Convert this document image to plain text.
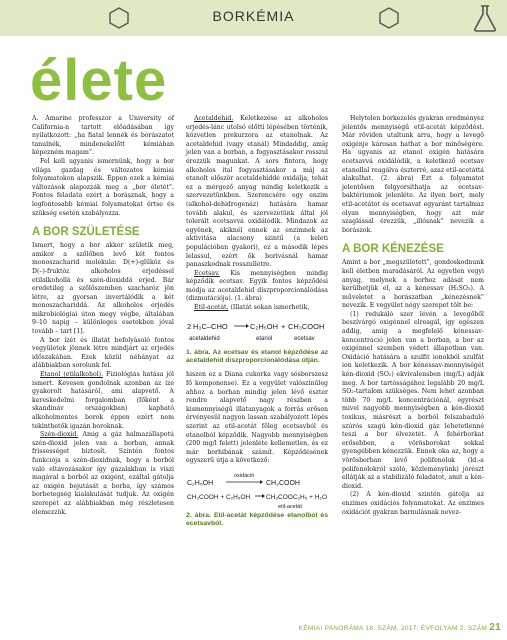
BORKÉMIA
élete

A. Amarine professzor a University of California-n tartott előadásában így nyilatkozott: „ha fiatal lennék és borászatot tanulnék, mindenekelőtt kémiában képezném magam”.

Fel kell ugyanis ismernünk, hogy a bor világa gazdag és változatos kémiai folyamatokon alapszik. Éppen ezek a kémiai változások alapozzák meg a „bor életét”. Fontos feladata ezért a borásznak, hogy a legfontosabb kémiai folyamatokat értse és szükség esetén szabályozza.

A BOR SZÜLETÉSE

Ismert, hogy a bor akkor születik meg, amikor a szőlőben levő két fontos monoszacharid molekula: D(+)-glükóz és D(–)-fruktóz alkoholos erjedéssel etilalkohollá és szén-dioxiddá erjed. Bár eredetileg a szőlőszemben szacharóz jön létre, az gyorsan invertálódik a két monoszachariddá. Az alkoholos erjedés mikrobiológiai úton megy végbe, általában 9–10 napig – különleges esetekben jóval tovább – tart [1].

A bor ízét és illatát befolyásoló fontos vegyületek jönnek létre mindjárt az erjedés időszakában. Ezek közül néhányat az alábbiakban sorolunk fel.

Etanol (etilalkohol). Fiziológiás hatása jól ismert. Kevesen gondolnak azonban az íze gyakorolt hatásáról, ami alapvető. A kereskedelmi forgalomban (főként a skandináv országokban) kapható alkoholmentes borok éppen ezért nem tekinthetők igazán boroknak.

Szén-dioxid. Amig a gáz halmazállapotú szén-dioxid jelen van a borban, annak frissességet biztosít. Szintén fontos funkciója a szén-dioxidnak, hogy a borból való eltávozásakor így gázalakban is viszi magával a borból az oxigént, ezáltal gátolja az oxigén bejutását a borba, így számos borbetegség kialakulását tudjuk. Az oxigén szerepét az alábbiakban még részletesen elemezzük.

Acetaldehid. Keletkezése az alkoholos erjedés-lánc utolsó előtti lépésében történik, közvetlen prekurzora az etanolnak. Az acetaldehid (vagy etanál) Mindaddig, amíg jelen van a borban, a fogyasztásakor rosszul érezzük magunkat. A sors fintora, hogy alkoholos ital fogyasztásakor a máj az etanolt először acetaldehiddé oxidálja, tehát ez a mérgező anyag mindig keletkezik a szervezetünkben. Szerencsére egy enzim (alkohol-dehidrogenáz) hatására hamar tovább alakul, és szervezetünk által jól tolerált ecetsavvá oxidálódik. Mindazok az egyének, akiknél ennek az enzimnek az aktivitása alacsony szintű (a keleti populációban gyakori), ez a második lépés lelassul, ezért ők borivásnál hamar panaszkodnak rosszullétre.

Ecetsav. Kis mennyiségben mindig képződik ecetsav. Egyik fontos képződési módja az acetaldehid diszproporcionálódása (dizmutációja). (1. ábra)

Etil-acetát. (Illatát sokan ismerhetik,

2 H₃C–CHO	C₂H₅OH + CH₃COOH
acetaldehid	etanol	ecetsav
1. ábra. Az ecetsav és etanol képződése az acetaldehid diszproporcionálódása útján.

hiszen ez a Diana cukorka vagy sósborszesz fő komponense). Ez a vegyület valószínűleg ahhoz a borban mindig jelen lévő észter rendre alapvető nagy részben a kismennyiségű illatanyagok a forrás erősen érvényesül nagyon lassan szabályozott lépés szerint az etil-acetát főleg ecetsavból és etanolból képződik. Nagyobb mennyiségben (200 mg/l felett) jelenléte kellemetlen, és ez már borhibának számít. Képződésének egyszerű útja a következő:

oxidáció
C₂H₅OH	CH₃COOH
CH₃COOH + C₂H₅OH CH₃COOC₂H₅ + H₂O
etil-acetát
2. ábra. Etil-acetát képződése etanolból és ecetsavból.

Helytelen borkezelés gyakran eredményez jelentős mennyiségű etil-acetát képződést. Már röviden utaltunk arra, hogy a levegő oxigénje károsan hathat a bor minőségére. Ha ugyanis az etanol oxigén hatására ecetsavvá oxidálódik, a keletkező ecetsav etanollal reagálva észterré, azaz etil-acetáttá alakulhat. (2. ábra) Ezt a folyamatot jelentősen felgyorsíthatja az ecetsav-baktériumok jelenléte. Az ilyen bort, mely etil-acetátot és ecetsavat egyaránt tartalmaz olyan mennyiségben, hogy azt már szaglással érezzük, „illósnak” nevezik a borászok.

A BOR KÉNEZÉSE

Amint a bor „megszületett”, gondoskodnunk kell életben maradásáról. Az egyetlen vegyi anyag, melynek a borhoz adását nem kerülhetjük el, az a kénessav (H₂SO₃). A műveletet a borászatban „kénezésnek” nevezik. E vegyület négy szerepet tölt be:

(1) redukáló szer lévén a levegőből beszívárgó oxigénnel elreagál, így egészen addig, amíg a megfelelő kénessav-koncentráció jelen van a borban, a bor az oxigénnel szemben védett állapotban van. Oxidáció hatására a szulfit ionokból szulfát ion keletkezik. A bor kénessav-mennyiségét kén-dioxid (SO₂) ekvivalensben (mg/L) adják meg. A bor tartósságához legalább 20 mg/L SO₂-tartalom szükséges. Nem lehet azonban több 70 mg/L koncentrációnál, egyrészt mivel nagyobb mennyiségben a kén-dioxid toxikus, másrészt a borból felszabaduló szúrós szagú kén-dioxid gáz lehetetlenné teszi a bor élvezetét. A fehérborkat erősebben, a vörösborokat sokkal gyengébben kénezzük. Ennek oka az, hogy a vörösborban levő polifenolok (ld.-a polifenolokról szóló, közleményünk) jórészt ellátják az a stabilizáló feladatot, amit a kén-dioxid.

(2) A kén-dioxid szintén gátolja az enzimes oxidációs folyamatokat. Az enzimes oxidációt gyakran barnulásnak nevez-

KÉMIAI PANORÁMA 18. SZÁM, 2017. ÉVFOLYAM 2. SZÁM 21
